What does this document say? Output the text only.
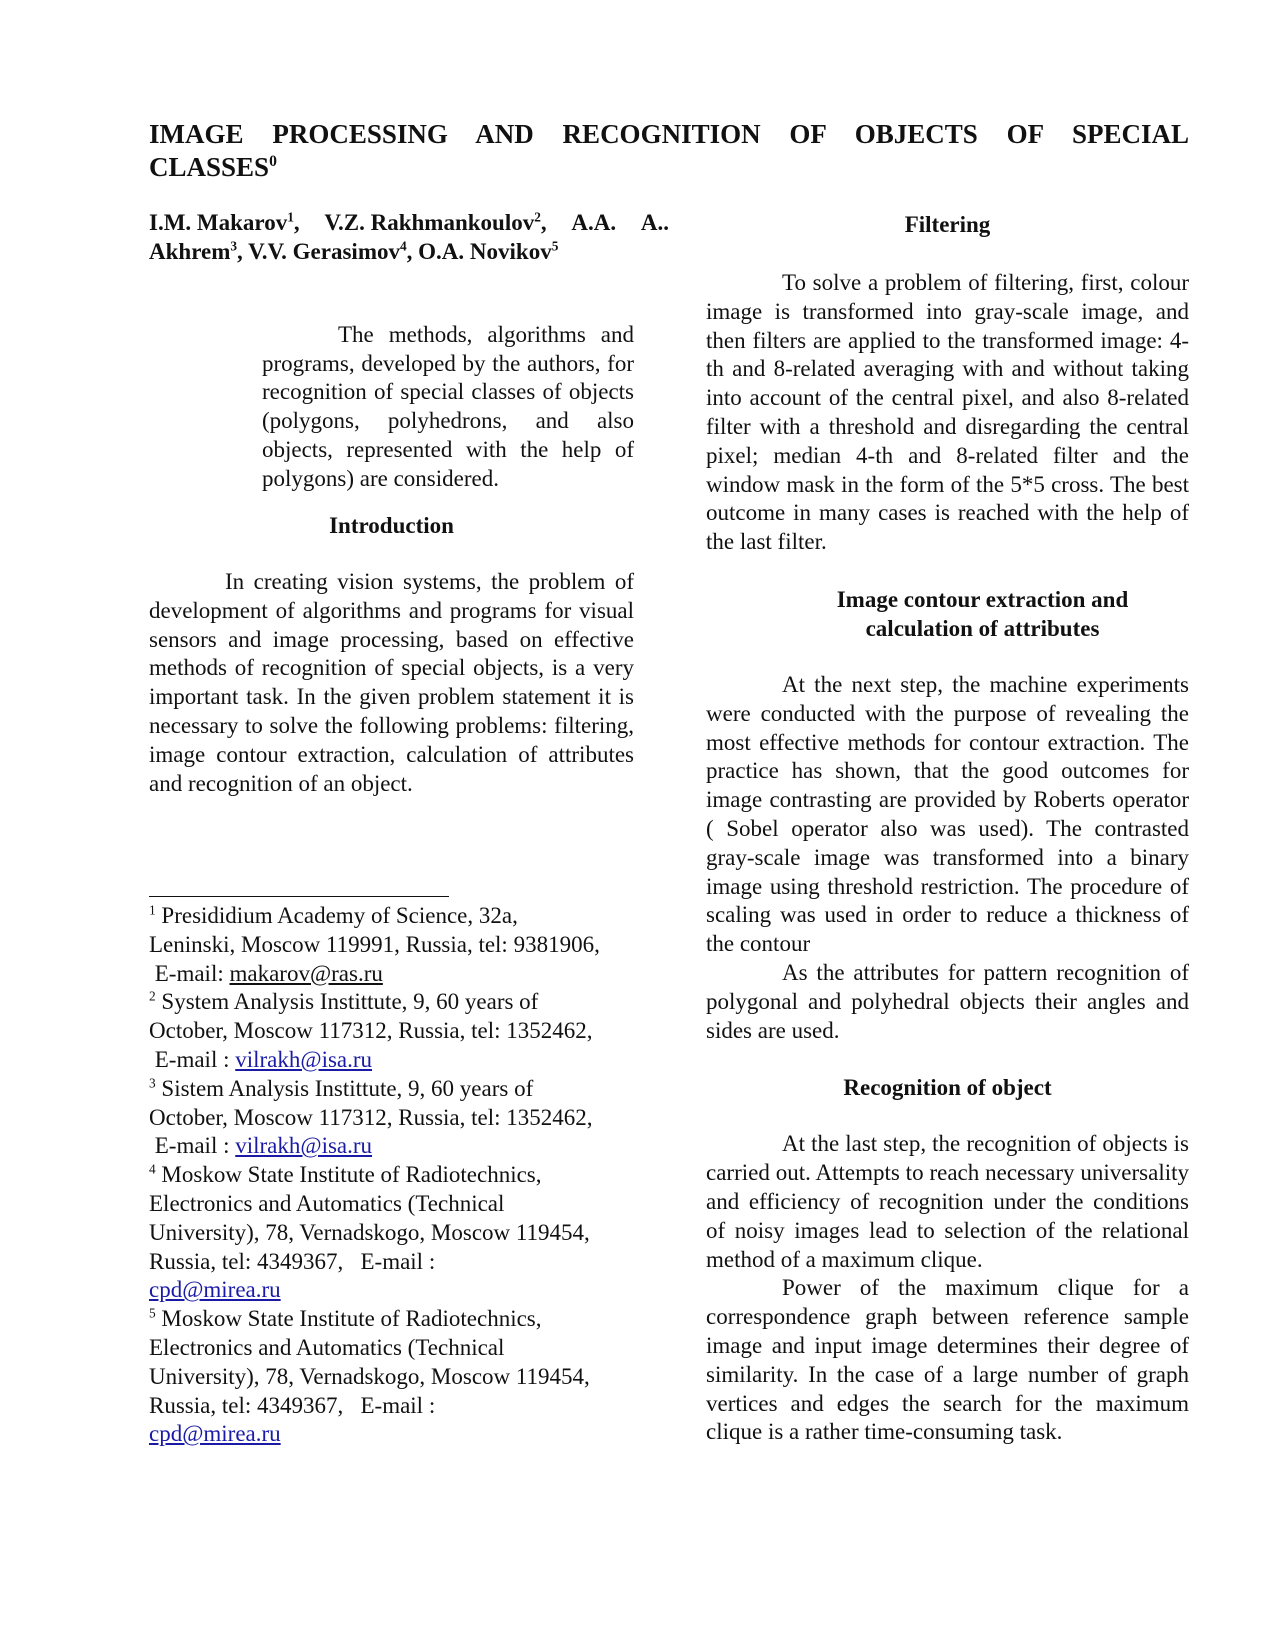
IMAGE PROCESSING AND RECOGNITION OF OBJECTS OF SPECIAL
CLASSES$^0$
I.M. Makarov$^1$, V.Z. Rakhmankoulov$^2$, A.A. A..
Akhrem$^3$, V.V. Gerasimov$^4$, O.A. Novikov$^5$

The methods, algorithms and programs, developed by the authors, for recognition of special classes of objects (polygons, polyhedrons, and also objects, represented with the help of polygons) are considered.

Introduction

In creating vision systems, the problem of development of algorithms and programs for visual sensors and image processing, based on effective methods of recognition of special objects, is a very important task. In the given problem statement it is necessary to solve the following problems: filtering, image contour extraction, calculation of attributes and recognition of an object.

$^1$ Presididium Academy of Science, 32a, Leninski, Moscow 119991, Russia, tel: 9381906,
E-mail: makarov@ras.ru

$^2$ System Analysis Instittute, 9, 60 years of October, Moscow 117312, Russia, tel: 1352462,
E-mail : vilrakh@isa.ru

$^3$ Sistem Analysis Instittute, 9, 60 years of October, Moscow 117312, Russia, tel: 1352462,
E-mail : vilrakh@isa.ru

$^4$ Moskow State Institute of Radiotechnics, Electronics and Automatics (Technical University), 78, Vernadskogo, Moscow 119454, Russia, tel: 4349367, E-mail :
cpd@mirea.ru

$^5$ Moskow State Institute of Radiotechnics, Electronics and Automatics (Technical University), 78, Vernadskogo, Moscow 119454, Russia, tel: 4349367, E-mail :
cpd@mirea.ru

Filtering

To solve a problem of filtering, first, colour image is transformed into gray-scale image, and then filters are applied to the transformed image: 4-th and 8-related averaging with and without taking into account of the central pixel, and also 8-related filter with a threshold and disregarding the central pixel; median 4-th and 8-related filter and the window mask in the form of the 5*5 cross. The best outcome in many cases is reached with the help of the last filter.

Image contour extraction and
calculation of attributes

At the next step, the machine experiments were conducted with the purpose of revealing the most effective methods for contour extraction. The practice has shown, that the good outcomes for image contrasting are provided by Roberts operator ( Sobel operator also was used). The contrasted gray-scale image was transformed into a binary image using threshold restriction. The procedure of scaling was used in order to reduce a thickness of the contour

As the attributes for pattern recognition of polygonal and polyhedral objects their angles and sides are used.

Recognition of object

At the last step, the recognition of objects is carried out. Attempts to reach necessary universality and efficiency of recognition under the conditions of noisy images lead to selection of the relational method of a maximum clique.

Power of the maximum clique for a correspondence graph between reference sample image and input image determines their degree of similarity. In the case of a large number of graph vertices and edges the search for the maximum clique is a rather time-consuming task.
